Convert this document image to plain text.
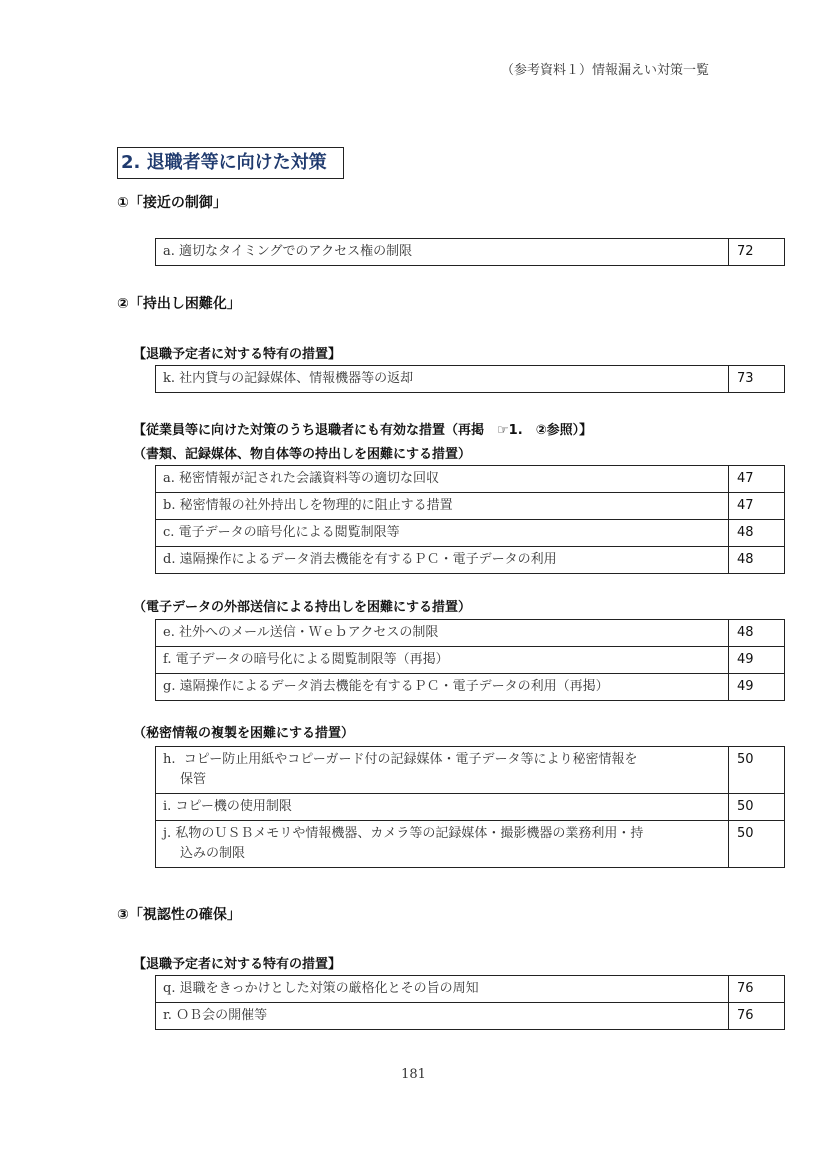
（参考資料１）情報漏えい対策一覧
2. 退職者等に向けた対策
①「接近の制御」
a. 適切なタイミングでのアクセス権の制限	72
②「持出し困難化」
【退職予定者に対する特有の措置】
k. 社内貸与の記録媒体、情報機器等の返却	73
【従業員等に向けた対策のうち退職者にも有効な措置（再掲　☞1.　②参照）】
（書類、記録媒体、物自体等の持出しを困難にする措置）
a. 秘密情報が記された会議資料等の適切な回収	47
b. 秘密情報の社外持出しを物理的に阻止する措置	47
c. 電子データの暗号化による閲覧制限等	48
d. 遠隔操作によるデータ消去機能を有するＰＣ・電子データの利用	48
（電子データの外部送信による持出しを困難にする措置）
e. 社外へのメール送信・Ｗｅｂアクセスの制限	48
f. 電子データの暗号化による閲覧制限等（再掲）	49
g. 遠隔操作によるデータ消去機能を有するＰＣ・電子データの利用（再掲）	49
（秘密情報の複製を困難にする措置）
h.  コピー防止用紙やコピーガード付の記録媒体・電子データ等により秘密情報を
保管	50
i. コピー機の使用制限	50
j. 私物のＵＳＢメモリや情報機器、カメラ等の記録媒体・撮影機器の業務利用・持
込みの制限	50
③「視認性の確保」
【退職予定者に対する特有の措置】
q. 退職をきっかけとした対策の厳格化とその旨の周知	76
r. ＯＢ会の開催等	76
181
